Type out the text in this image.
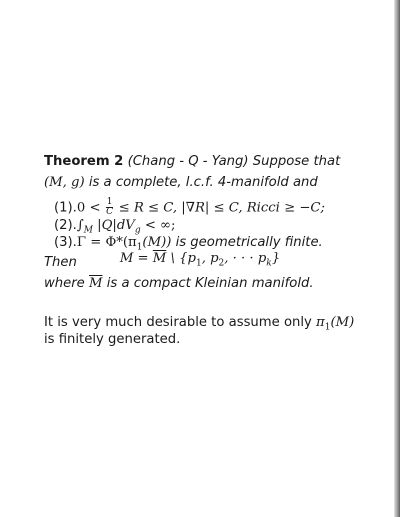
Theorem 2 (Chang - Q - Yang) Suppose that
(M, g) is a complete, l.c.f. 4-manifold and
$(1).0 < \frac{1}{C} \le R \le C$, |∇R| ≤ C, Ricci ≥ −C;
$(2).\int_M$ $|Q|dV_g$ < ∞;
$(3).\Gamma = \Phi*(\pi_1(M))$ is geometrically finite.
Then	$M = \overline{M}$ \ {$p_1$, $p_2$, · · · $p_k$}
where $\overline{M}$ is a compact Kleinian manifold.
It is very much desirable to assume only $\pi_1(M)$
is finitely generated.
